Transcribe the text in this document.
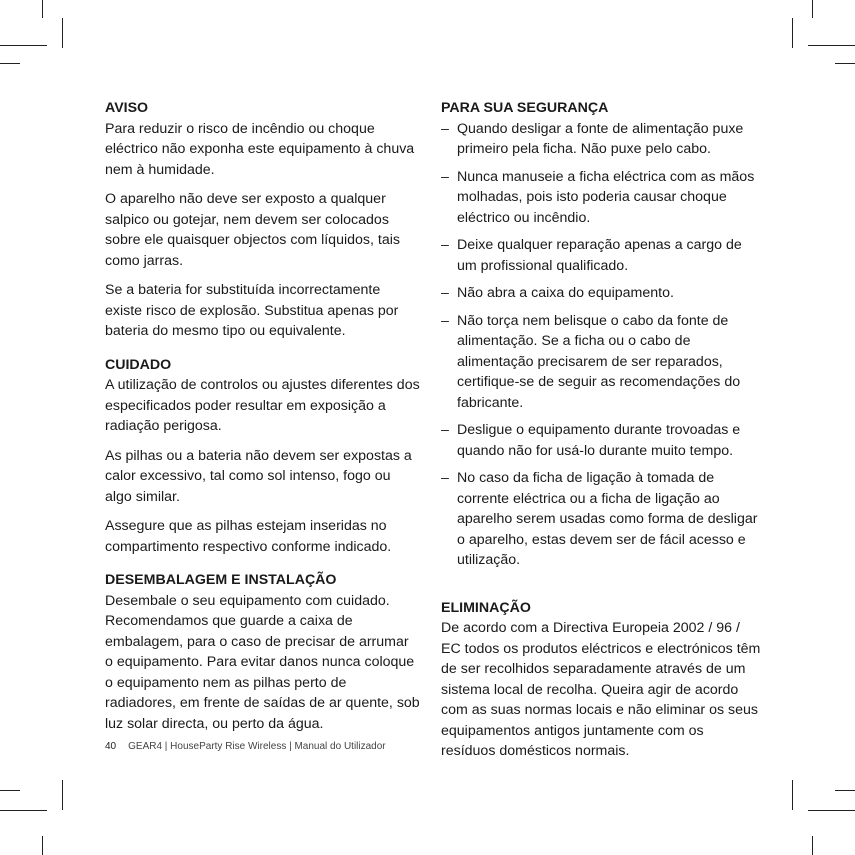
AVISO

Para reduzir o risco de incêndio ou choque eléctrico não exponha este equipamento à chuva nem à humidade.

O aparelho não deve ser exposto a qualquer salpico ou gotejar, nem devem ser colocados sobre ele quaisquer objectos com líquidos, tais como jarras.

Se a bateria for substituída incorrectamente existe risco de explosão. Substitua apenas por bateria do mesmo tipo ou equivalente.

CUIDADO

A utilização de controlos ou ajustes diferentes dos especificados poder resultar em exposição a radiação perigosa.

As pilhas ou a bateria não devem ser expostas a calor excessivo, tal como sol intenso, fogo ou algo similar.

Assegure que as pilhas estejam inseridas no compartimento respectivo conforme indicado.

DESEMBALAGEM E INSTALAÇÃO

Desembale o seu equipamento com cuidado. Recomendamos que guarde a caixa de embalagem, para o caso de precisar de arrumar o equipamento. Para evitar danos nunca coloque o equipamento nem as pilhas perto de radiadores, em frente de saídas de ar quente, sob luz solar directa, ou perto da água.

PARA SUA SEGURANÇA

– Quando desligar a fonte de alimentação puxe primeiro pela ficha. Não puxe pelo cabo.
– Nunca manuseie a ficha eléctrica com as mãos molhadas, pois isto poderia causar choque eléctrico ou incêndio.
– Deixe qualquer reparação apenas a cargo de um profissional qualificado.
– Não abra a caixa do equipamento.
– Não torça nem belisque o cabo da fonte de alimentação. Se a ficha ou o cabo de alimentação precisarem de ser reparados, certifique-se de seguir as recomendações do fabricante.
– Desligue o equipamento durante trovoadas e quando não for usá-lo durante muito tempo.
– No caso da ficha de ligação à tomada de corrente eléctrica ou a ficha de ligação ao aparelho serem usadas como forma de desligar o aparelho, estas devem ser de fácil acesso e utilização.

ELIMINAÇÃO

De acordo com a Directiva Europeia 2002 / 96 / EC todos os produtos eléctricos e electrónicos têm de ser recolhidos separadamente através de um sistema local de recolha. Queira agir de acordo com as suas normas locais e não eliminar os seus equipamentos antigos juntamente com os resíduos domésticos normais.

40 GEAR4 | HouseParty Rise Wireless | Manual do Utilizador
